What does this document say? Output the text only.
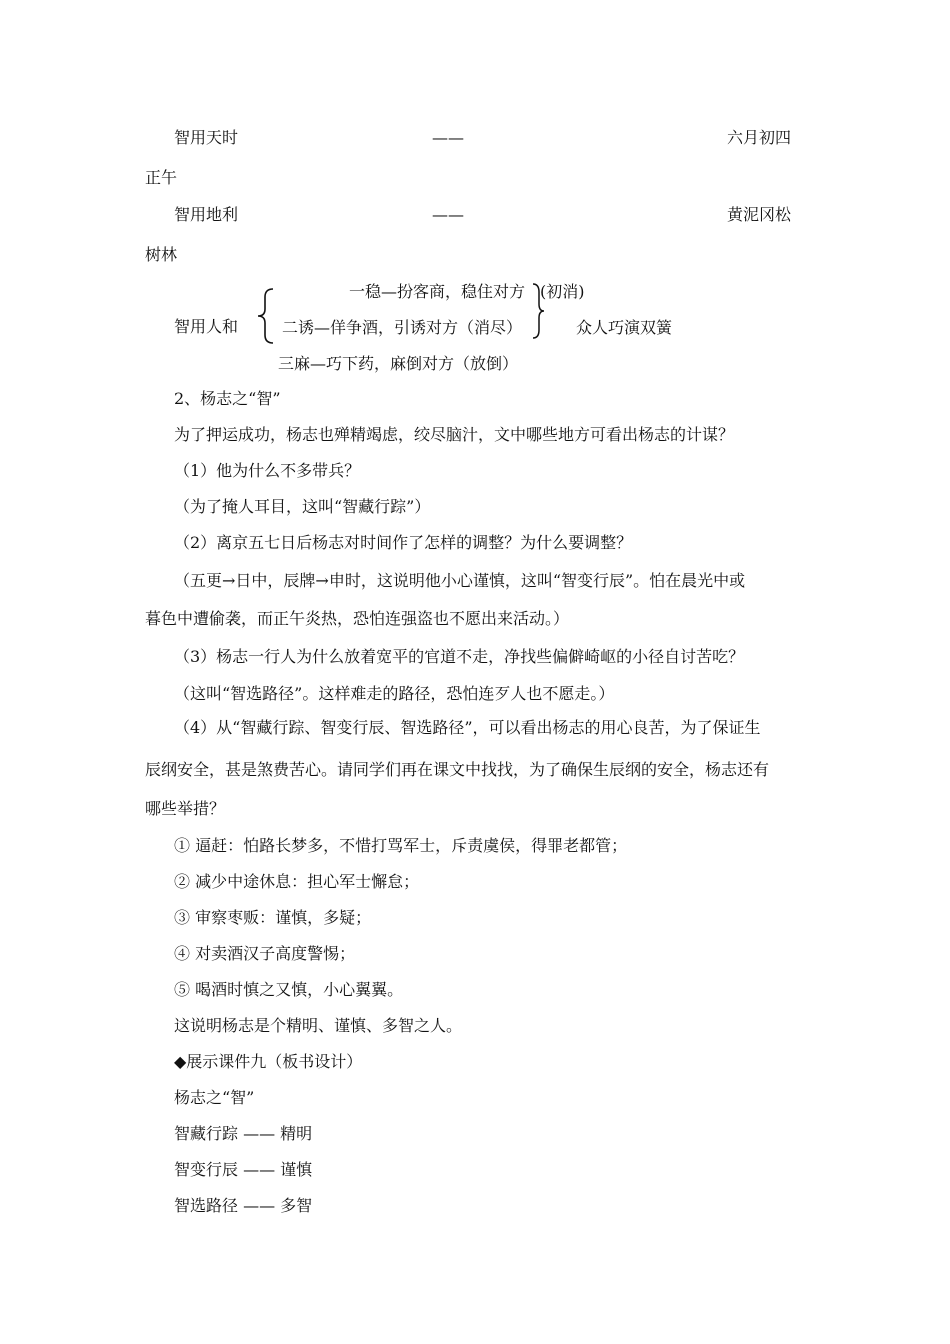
智用天时	——	六月初四
正午
智用地利	——	黄泥冈松
树林
智用人和
一稳—扮客商，稳住对方 (初消)
二诱—佯争酒，引诱对方（消尽）	众人巧演双簧
三麻—巧下药，麻倒对方（放倒）
2、杨志之“智”
为了押运成功，杨志也殚精竭虑，绞尽脑汁，文中哪些地方可看出杨志的计谋？
（1）他为什么不多带兵？
（为了掩人耳目，这叫“智藏行踪”）
（2）离京五七日后杨志对时间作了怎样的调整？为什么要调整？
（五更→日中，辰牌→申时，这说明他小心谨慎，这叫“智变行辰”。怕在晨光中或
暮色中遭偷袭，而正午炎热，恐怕连强盗也不愿出来活动。）
（3）杨志一行人为什么放着宽平的官道不走，净找些偏僻崎岖的小径自讨苦吃？
（这叫“智选路径”。这样难走的路径，恐怕连歹人也不愿走。）
（4）从“智藏行踪、智变行辰、智选路径”，可以看出杨志的用心良苦，为了保证生
辰纲安全，甚是煞费苦心。请同学们再在课文中找找，为了确保生辰纲的安全，杨志还有
哪些举措？
① 逼赶：怕路长梦多，不惜打骂军士，斥责虞侯，得罪老都管；
② 减少中途休息：担心军士懈怠；
③ 审察枣贩：谨慎，多疑；
④ 对卖酒汉子高度警惕；
⑤ 喝酒时慎之又慎，小心翼翼。
这说明杨志是个精明、谨慎、多智之人。
◆展示课件九（板书设计）
杨志之“智”
智藏行踪 —— 精明
智变行辰 —— 谨慎
智选路径 —— 多智
